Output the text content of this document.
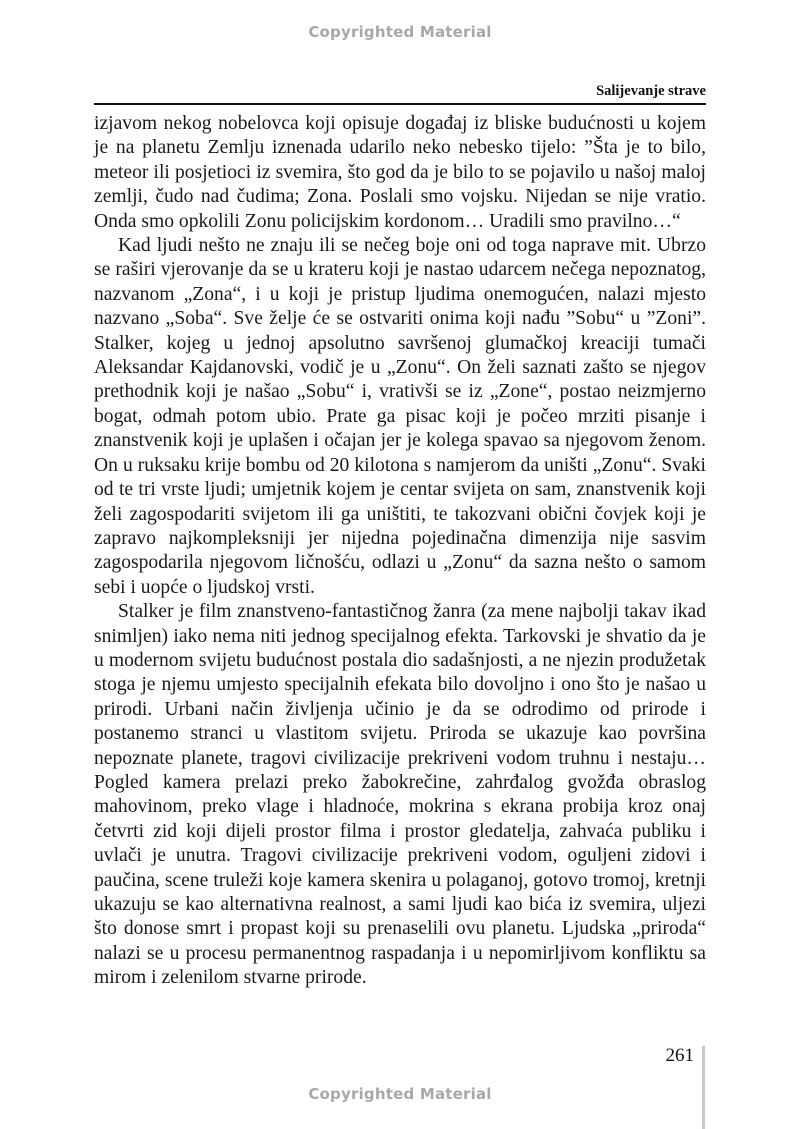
Copyrighted Material
Salijevanje strave

izjavom nekog nobelovca koji opisuje događaj iz bliske budućnosti u kojem je na planetu Zemlju iznenada udarilo neko nebesko tijelo: ”Šta je to bilo, meteor ili posjetioci iz svemira, što god da je bilo to se pojavilo u našoj maloj zemlji, čudo nad čudima; Zona. Poslali smo vojsku. Nijedan se nije vratio. Onda smo opkolili Zonu policijskim kordonom… Uradili smo pravilno…“

Kad ljudi nešto ne znaju ili se nečeg boje oni od toga naprave mit. Ubrzo se raširi vjerovanje da se u krateru koji je nastao udarcem nečega nepoznatog, nazvanom „Zona“, i u koji je pristup ljudima onemogućen, nalazi mjesto nazvano „Soba“. Sve želje će se ostvariti onima koji nađu ”Sobu“ u ”Zoni”. Stalker, kojeg u jednoj apsolutno savršenoj glumačkoj kreaciji tumači Aleksandar Kajdanovski, vodič je u „Zonu“. On želi saznati zašto se njegov prethodnik koji je našao „Sobu“ i, vrativši se iz „Zone“, postao neizmjerno bogat, odmah potom ubio. Prate ga pisac koji je počeo mrziti pisanje i znanstvenik koji je uplašen i očajan jer je kolega spavao sa njegovom ženom. On u ruksaku krije bombu od 20 kilotona s namjerom da uništi „Zonu“. Svaki od te tri vrste ljudi; umjetnik kojem je centar svijeta on sam, znanstvenik koji želi zagospodariti svijetom ili ga uništiti, te takozvani obični čovjek koji je zapravo najkompleksniji jer nijedna pojedinačna dimenzija nije sasvim zagospodarila njegovom ličnošću, odlazi u „Zonu“ da sazna nešto o samom sebi i uopće o ljudskoj vrsti.

Stalker je film znanstveno-fantastičnog žanra (za mene najbolji takav ikad snimljen) iako nema niti jednog specijalnog efekta. Tarkovski je shvatio da je u modernom svijetu budućnost postala dio sadašnjosti, a ne njezin produžetak stoga je njemu umjesto specijalnih efekata bilo dovoljno i ono što je našao u prirodi. Urbani način življenja učinio je da se odrodimo od prirode i postanemo stranci u vlastitom svijetu. Priroda se ukazuje kao površina nepoznate planete, tragovi civilizacije prekriveni vodom truhnu i nestaju… Pogled kamera prelazi preko žabokrečine, zahrđalog gvožđa obraslog mahovinom, preko vlage i hladnoće, mokrina s ekrana probija kroz onaj četvrti zid koji dijeli prostor filma i prostor gledatelja, zahvaća publiku i uvlači je unutra. Tragovi civilizacije prekriveni vodom, oguljeni zidovi i paučina, scene truleži koje kamera skenira u polaganoj, gotovo tromoj, kretnji ukazuju se kao alternativna realnost, a sami ljudi kao bića iz svemira, uljezi što donose smrt i propast koji su prenaselili ovu planetu. Ljudska „priroda“ nalazi se u procesu permanentnog raspadanja i u nepomirljivom konfliktu sa mirom i zelenilom stvarne prirode.

261
Copyrighted Material
